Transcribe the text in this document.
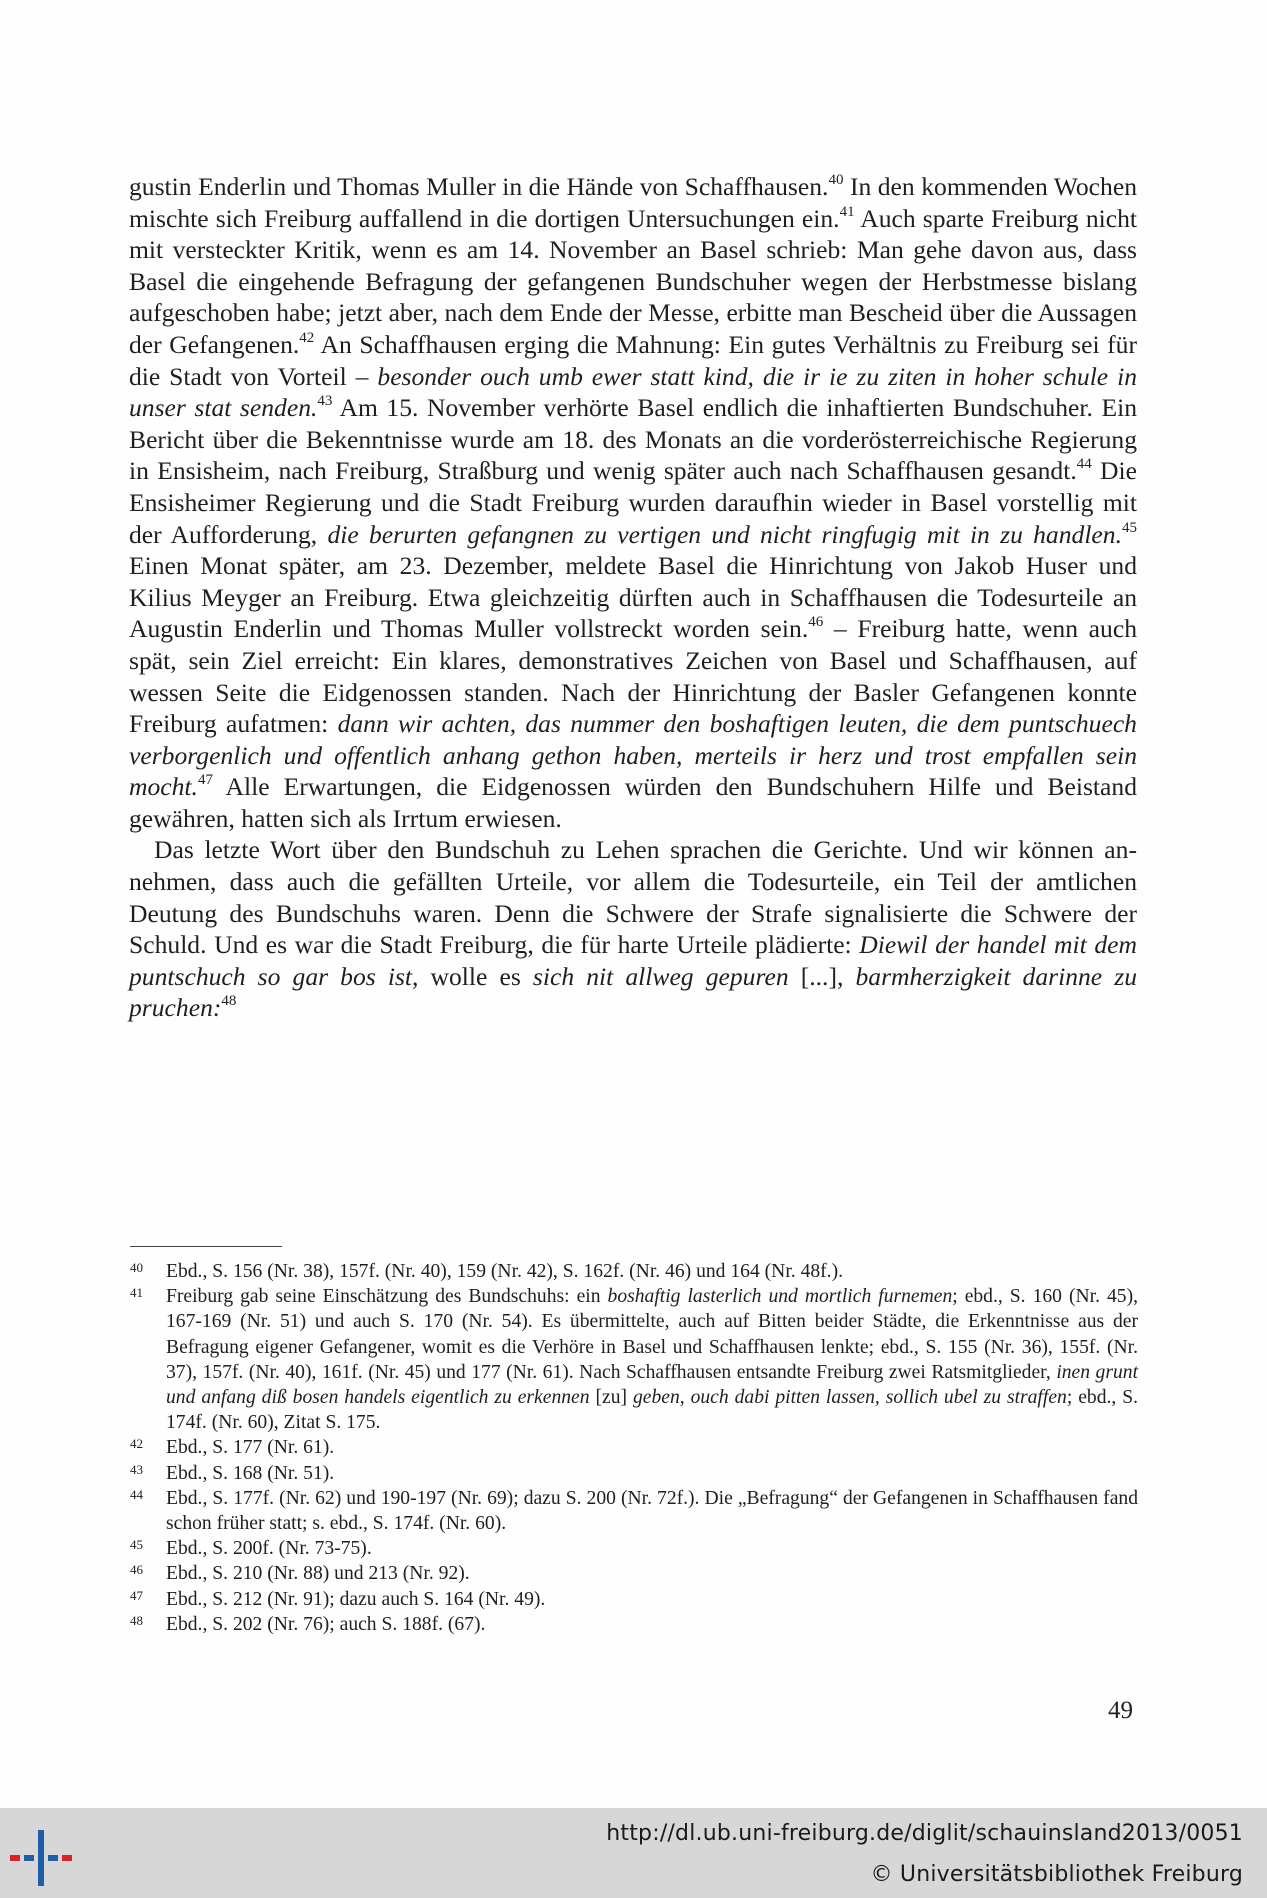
gustin Enderlin und Thomas Muller in die Hände von Schaffhausen.$^{40}$ In den kommenden Wochen mischte sich Freiburg auffallend in die dortigen Untersuchungen ein.$^{41}$ Auch sparte Freiburg nicht mit versteckter Kritik, wenn es am 14. November an Basel schrieb: Man gehe davon aus, dass Basel die eingehende Befragung der gefangenen Bundschuher wegen der Herbstmesse bislang aufgeschoben habe; jetzt aber, nach dem Ende der Messe, erbitte man Bescheid über die Aussagen der Gefangenen.$^{42}$ An Schaffhausen erging die Mahnung: Ein gutes Verhältnis zu Freiburg sei für die Stadt von Vorteil – besonder ouch umb ewer statt kind, die ir ie zu ziten in hoher schule in unser stat senden.$^{43}$ Am 15. November verhörte Basel endlich die inhaftierten Bundschuher. Ein Bericht über die Bekenntnisse wurde am 18. des Monats an die vorderösterreichische Regierung in Ensisheim, nach Freiburg, Straßburg und wenig später auch nach Schaffhausen gesandt.$^{44}$ Die Ensisheimer Regierung und die Stadt Freiburg wurden daraufhin wieder in Basel vorstellig mit der Aufforderung, die berurten gefangnen zu vertigen und nicht ringfugig mit in zu handlen.$^{45}$ Einen Monat später, am 23. Dezember, meldete Basel die Hinrichtung von Jakob Huser und Kilius Meyger an Freiburg. Etwa gleichzeitig dürften auch in Schaffhausen die Todesurteile an Augustin Enderlin und Thomas Muller vollstreckt worden sein.$^{46}$ – Freiburg hatte, wenn auch spät, sein Ziel erreicht: Ein klares, demonstratives Zeichen von Basel und Schaffhausen, auf wessen Seite die Eidgenossen standen. Nach der Hinrichtung der Basler Gefangenen konnte Freiburg aufatmen: dann wir achten, das nummer den boshaftigen leuten, die dem puntschuech verborgenlich und offentlich anhang gethon haben, merteils ir herz und trost empfallen sein mocht.$^{47}$ Alle Erwartungen, die Eidgenossen würden den Bundschuhern Hilfe und Beistand gewähren, hatten sich als Irrtum erwiesen.

Das letzte Wort über den Bundschuh zu Lehen sprachen die Gerichte. Und wir können annehmen, dass auch die gefällten Urteile, vor allem die Todesurteile, ein Teil der amtlichen Deutung des Bundschuhs waren. Denn die Schwere der Strafe signalisierte die Schwere der Schuld. Und es war die Stadt Freiburg, die für harte Urteile plädierte: Diewil der handel mit dem puntschuch so gar bos ist, wolle es sich nit allweg gepuren [...], barmherzigkeit darinne zu pruchen:$^{48}$

40	Ebd., S. 156 (Nr. 38), 157f. (Nr. 40), 159 (Nr. 42), S. 162f. (Nr. 46) und 164 (Nr. 48f.).
41	Freiburg gab seine Einschätzung des Bundschuhs: ein boshaftig lasterlich und mortlich furnemen; ebd., S. 160 (Nr. 45), 167-169 (Nr. 51) und auch S. 170 (Nr. 54). Es übermittelte, auch auf Bitten beider Städte, die Erkenntnisse aus der Befragung eigener Gefangener, womit es die Verhöre in Basel und Schaffhausen lenkte; ebd., S. 155 (Nr. 36), 155f. (Nr. 37), 157f. (Nr. 40), 161f. (Nr. 45) und 177 (Nr. 61). Nach Schaffhausen entsandte Freiburg zwei Ratsmitglieder, inen grunt und anfang diß bosen handels eigentlich zu erkennen [zu] geben, ouch dabi pitten lassen, sollich ubel zu straffen; ebd., S. 174f. (Nr. 60), Zitat S. 175.
42	Ebd., S. 177 (Nr. 61).
43	Ebd., S. 168 (Nr. 51).
44	Ebd., S. 177f. (Nr. 62) und 190-197 (Nr. 69); dazu S. 200 (Nr. 72f.). Die „Befragung“ der Gefangenen in Schaffhausen fand schon früher statt; s. ebd., S. 174f. (Nr. 60).
45	Ebd., S. 200f. (Nr. 73-75).
46	Ebd., S. 210 (Nr. 88) und 213 (Nr. 92).
47	Ebd., S. 212 (Nr. 91); dazu auch S. 164 (Nr. 49).
48	Ebd., S. 202 (Nr. 76); auch S. 188f. (67).
49
http://dl.ub.uni-freiburg.de/diglit/schauinsland2013/0051
© Universitätsbibliothek Freiburg
